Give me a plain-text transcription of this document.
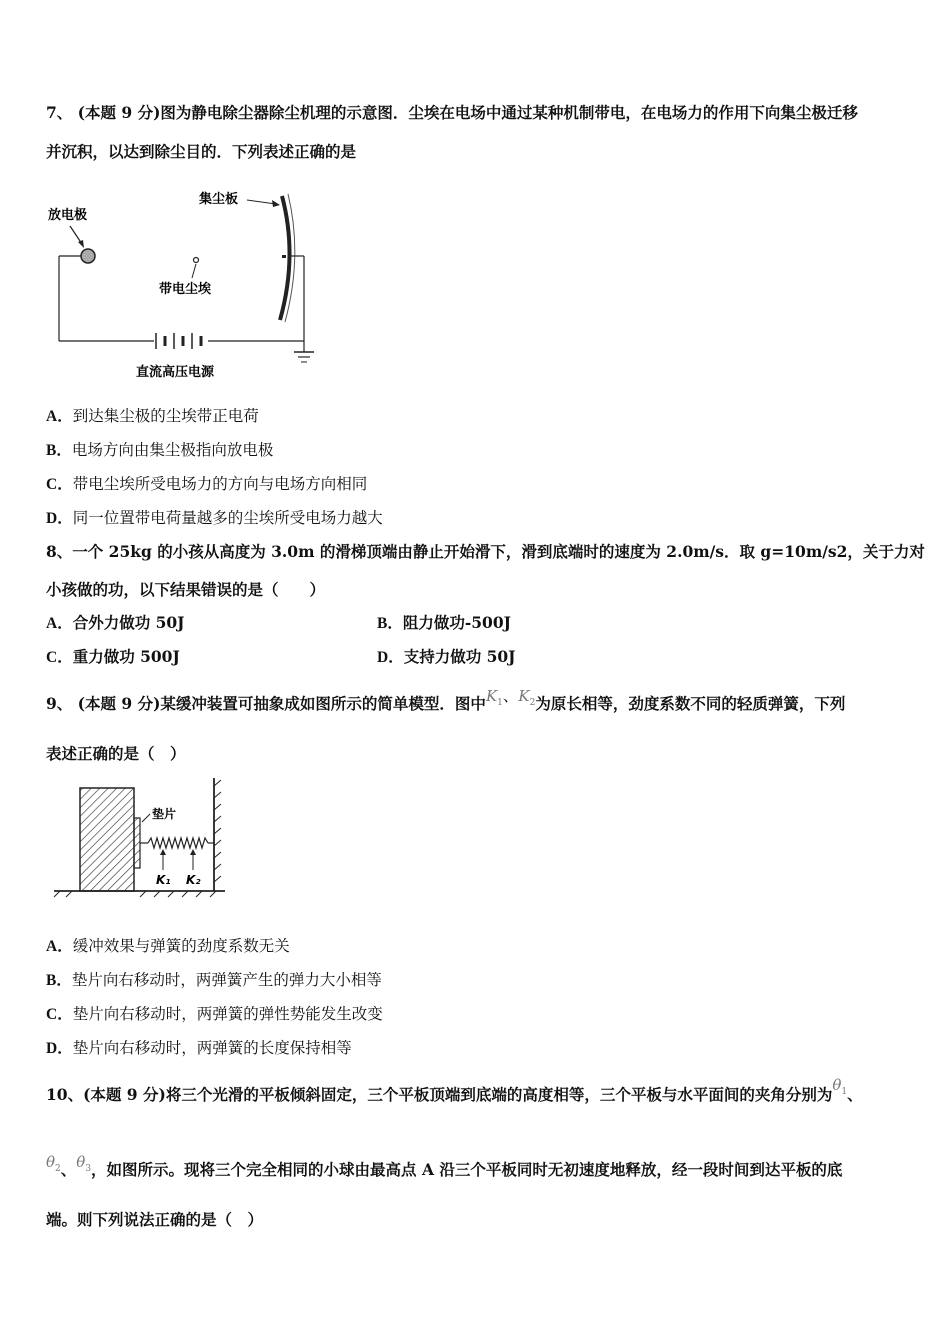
7、 (本题 9 分)图为静电除尘器除尘机理的示意图．尘埃在电场中通过某种机制带电，在电场力的作用下向集尘极迁移
并沉积，以达到除尘目的．下列表述正确的是
放电极
带电尘埃
集尘板
直流高压电源
A．到达集尘极的尘埃带正电荷
B．电场方向由集尘极指向放电极
C．带电尘埃所受电场力的方向与电场方向相同
D．同一位置带电荷量越多的尘埃所受电场力越大
8、一个 25kg 的小孩从高度为 3.0m 的滑梯顶端由静止开始滑下，滑到底端时的速度为 2.0m/s．取 g=10m/s2，关于力对
小孩做的功，以下结果错误的是（　　）
A．合外力做功 50J	B．阻力做功-500J
C．重力做功 500J	D．支持力做功 50J
9、 (本题 9 分)某缓冲装置可抽象成如图所示的简单模型．图中$K_1$、$K_2$为原长相等，劲度系数不同的轻质弹簧，下列
表述正确的是（　）
垫片
K₁ K₂
A．缓冲效果与弹簧的劲度系数无关
B．垫片向右移动时，两弹簧产生的弹力大小相等
C．垫片向右移动时，两弹簧的弹性势能发生改变
D．垫片向右移动时，两弹簧的长度保持相等
10、(本题 9 分)将三个光滑的平板倾斜固定，三个平板顶端到底端的高度相等，三个平板与水平面间的夹角分别为$\theta_1$、
$\theta_2$、$\theta_3$，如图所示。现将三个完全相同的小球由最高点 A 沿三个平板同时无初速度地释放，经一段时间到达平板的底
端。则下列说法正确的是（　）
